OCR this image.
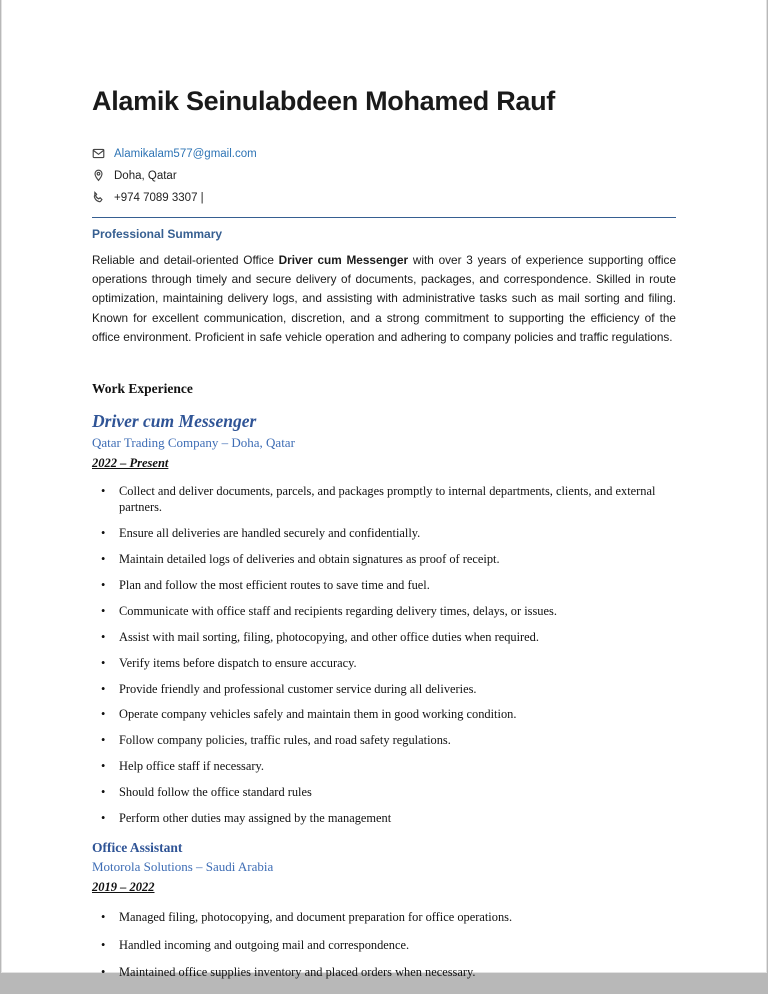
Alamik Seinulabdeen Mohamed Rauf
Alamikalam577@gmail.com
Doha, Qatar
+974 7089 3307 |
Professional Summary

Reliable and detail-oriented Office Driver cum Messenger with over 3 years of experience supporting office operations through timely and secure delivery of documents, packages, and correspondence. Skilled in route optimization, maintaining delivery logs, and assisting with administrative tasks such as mail sorting and filing. Known for excellent communication, discretion, and a strong commitment to supporting the efficiency of the office environment. Proficient in safe vehicle operation and adhering to company policies and traffic regulations.

Work Experience
Driver cum Messenger
Qatar Trading Company – Doha, Qatar
2022 – Present
• Collect and deliver documents, parcels, and packages promptly to internal departments, clients, and external partners.
• Ensure all deliveries are handled securely and confidentially.
• Maintain detailed logs of deliveries and obtain signatures as proof of receipt.
• Plan and follow the most efficient routes to save time and fuel.
• Communicate with office staff and recipients regarding delivery times, delays, or issues.
• Assist with mail sorting, filing, photocopying, and other office duties when required.
• Verify items before dispatch to ensure accuracy.
• Provide friendly and professional customer service during all deliveries.
• Operate company vehicles safely and maintain them in good working condition.
• Follow company policies, traffic rules, and road safety regulations.
• Help office staff if necessary.
• Should follow the office standard rules
• Perform other duties may assigned by the management
Office Assistant
Motorola Solutions – Saudi Arabia
2019 – 2022
• Managed filing, photocopying, and document preparation for office operations.
• Handled incoming and outgoing mail and correspondence.
• Maintained office supplies inventory and placed orders when necessary.
